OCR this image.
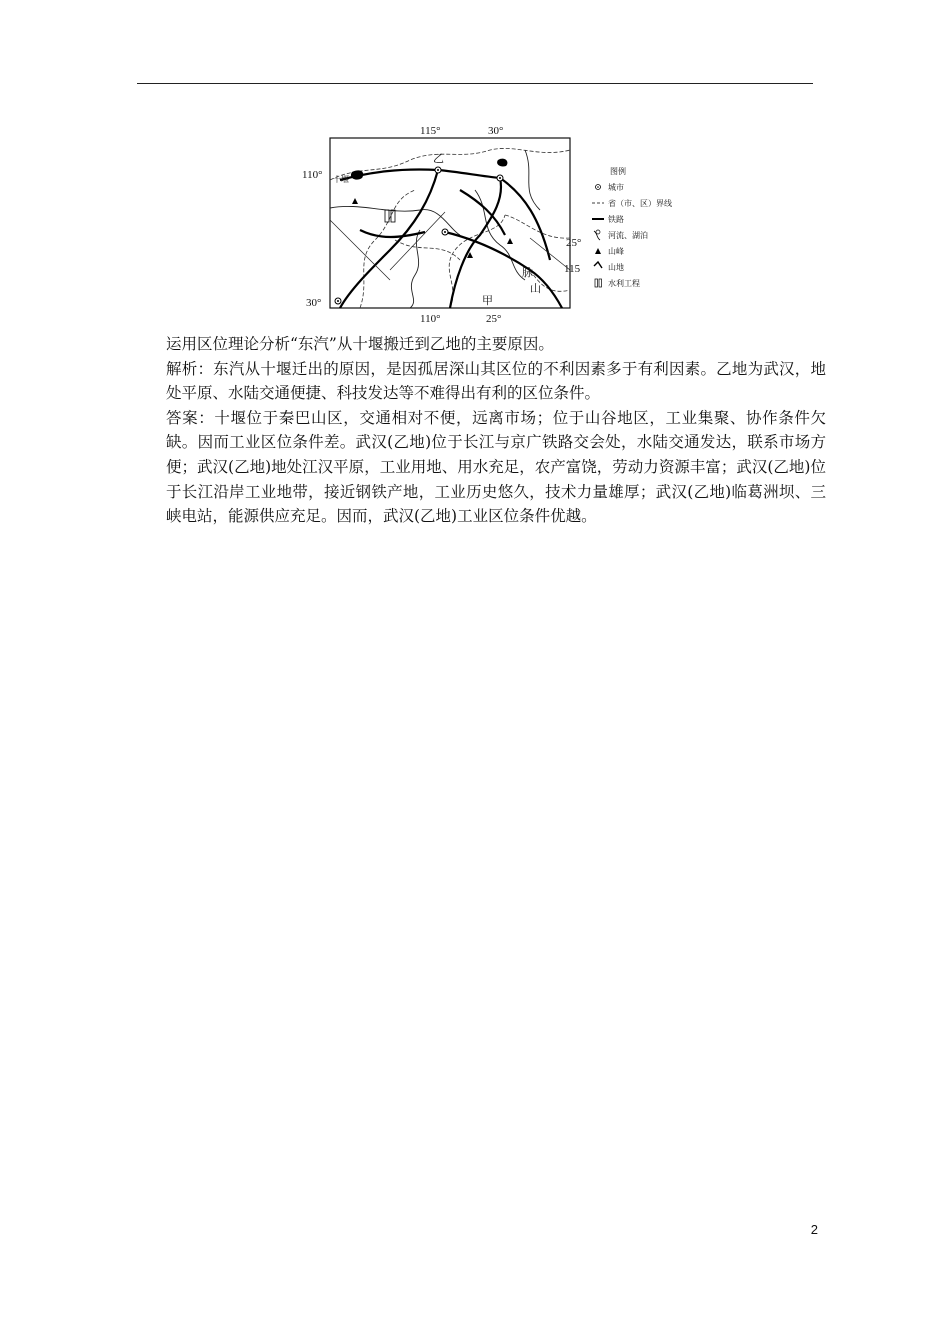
115°	30°
110°
25°
115
30°
110°	25°
乙
十堰
甲
脉
山
图例
城市
省（市、区）界线
铁路
河流、湖泊
山峰
山地
水利工程

运用区位理论分析“东汽”从十堰搬迁到乙地的主要原因。

解析：东汽从十堰迁出的原因，是因孤居深山其区位的不利因素多于有利因素。乙地为武汉，地处平原、水陆交通便捷、科技发达等不难得出有利的区位条件。

答案：十堰位于秦巴山区，交通相对不便，远离市场；位于山谷地区，工业集聚、协作条件欠缺。因而工业区位条件差。武汉(乙地)位于长江与京广铁路交会处，水陆交通发达，联系市场方便；武汉(乙地)地处江汉平原，工业用地、用水充足，农产富饶，劳动力资源丰富；武汉(乙地)位于长江沿岸工业地带，接近钢铁产地，工业历史悠久，技术力量雄厚；武汉(乙地)临葛洲坝、三峡电站，能源供应充足。因而，武汉(乙地)工业区位条件优越。

2
